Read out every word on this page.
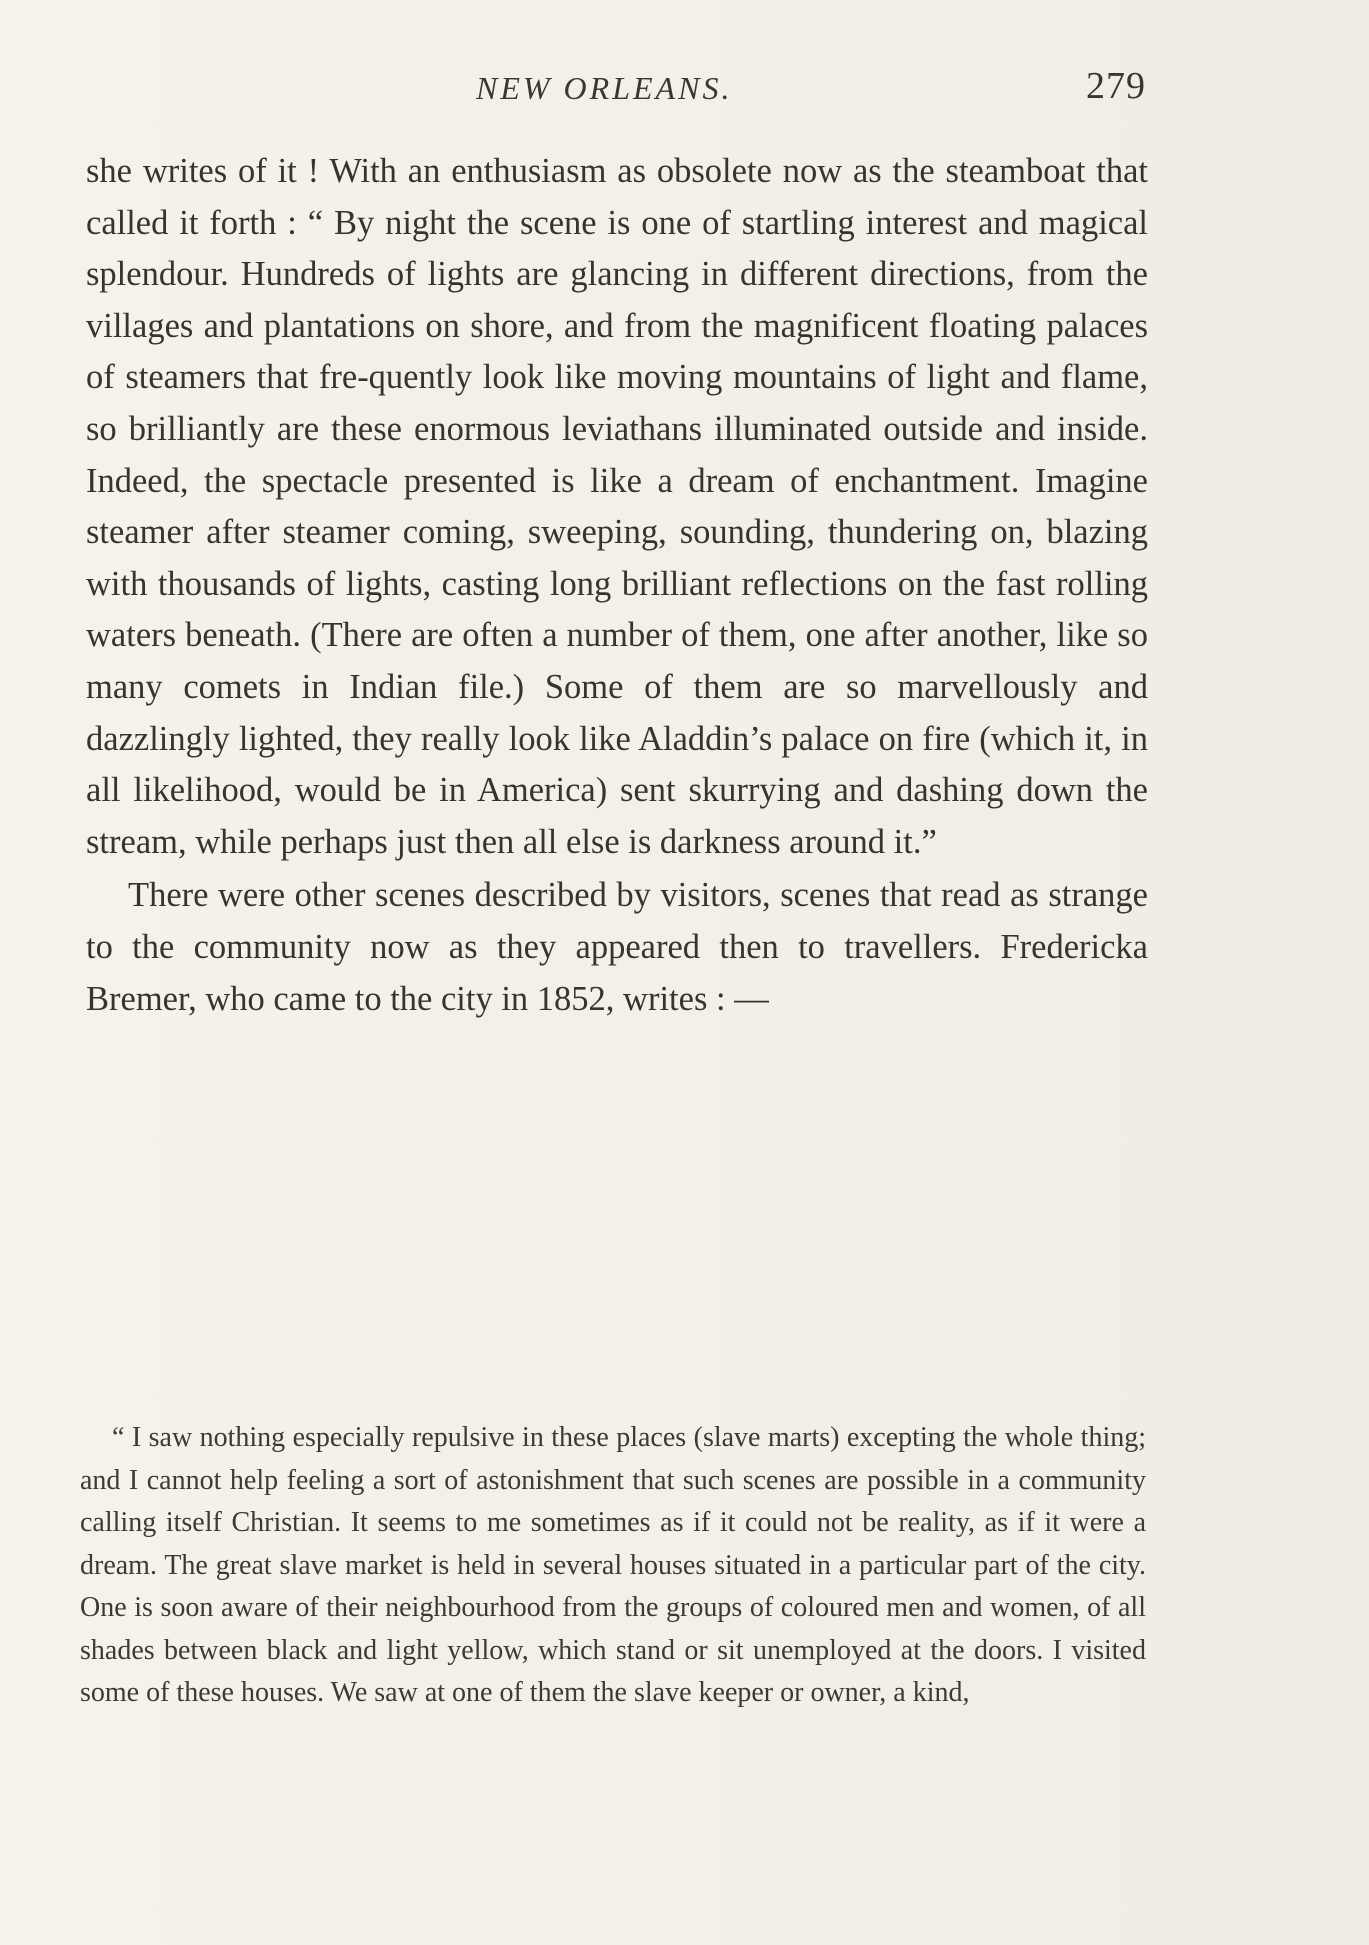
NEW ORLEANS.	279

she writes of it ! With an enthusiasm as obsolete now as the steamboat that called it forth : “ By night the scene is one of startling interest and magical splendour. Hundreds of lights are glancing in different directions, from the villages and plantations on shore, and from the magnificent floating palaces of steamers that fre-quently look like moving mountains of light and flame, so brilliantly are these enormous leviathans illuminated outside and inside. Indeed, the spectacle presented is like a dream of enchantment. Imagine steamer after steamer coming, sweeping, sounding, thundering on, blazing with thousands of lights, casting long brilliant reflections on the fast rolling waters beneath. (There are often a number of them, one after another, like so many comets in Indian file.) Some of them are so marvellously and dazzlingly lighted, they really look like Aladdin’s palace on fire (which it, in all likelihood, would be in America) sent skurrying and dashing down the stream, while perhaps just then all else is darkness around it.”

There were other scenes described by visitors, scenes that read as strange to the community now as they appeared then to travellers. Fredericka Bremer, who came to the city in 1852, writes : —

“ I saw nothing especially repulsive in these places (slave marts) excepting the whole thing; and I cannot help feeling a sort of astonishment that such scenes are possible in a community calling itself Christian. It seems to me sometimes as if it could not be reality, as if it were a dream. The great slave market is held in several houses situated in a particular part of the city. One is soon aware of their neighbourhood from the groups of coloured men and women, of all shades between black and light yellow, which stand or sit unemployed at the doors. I visited some of these houses. We saw at one of them the slave keeper or owner, a kind,
